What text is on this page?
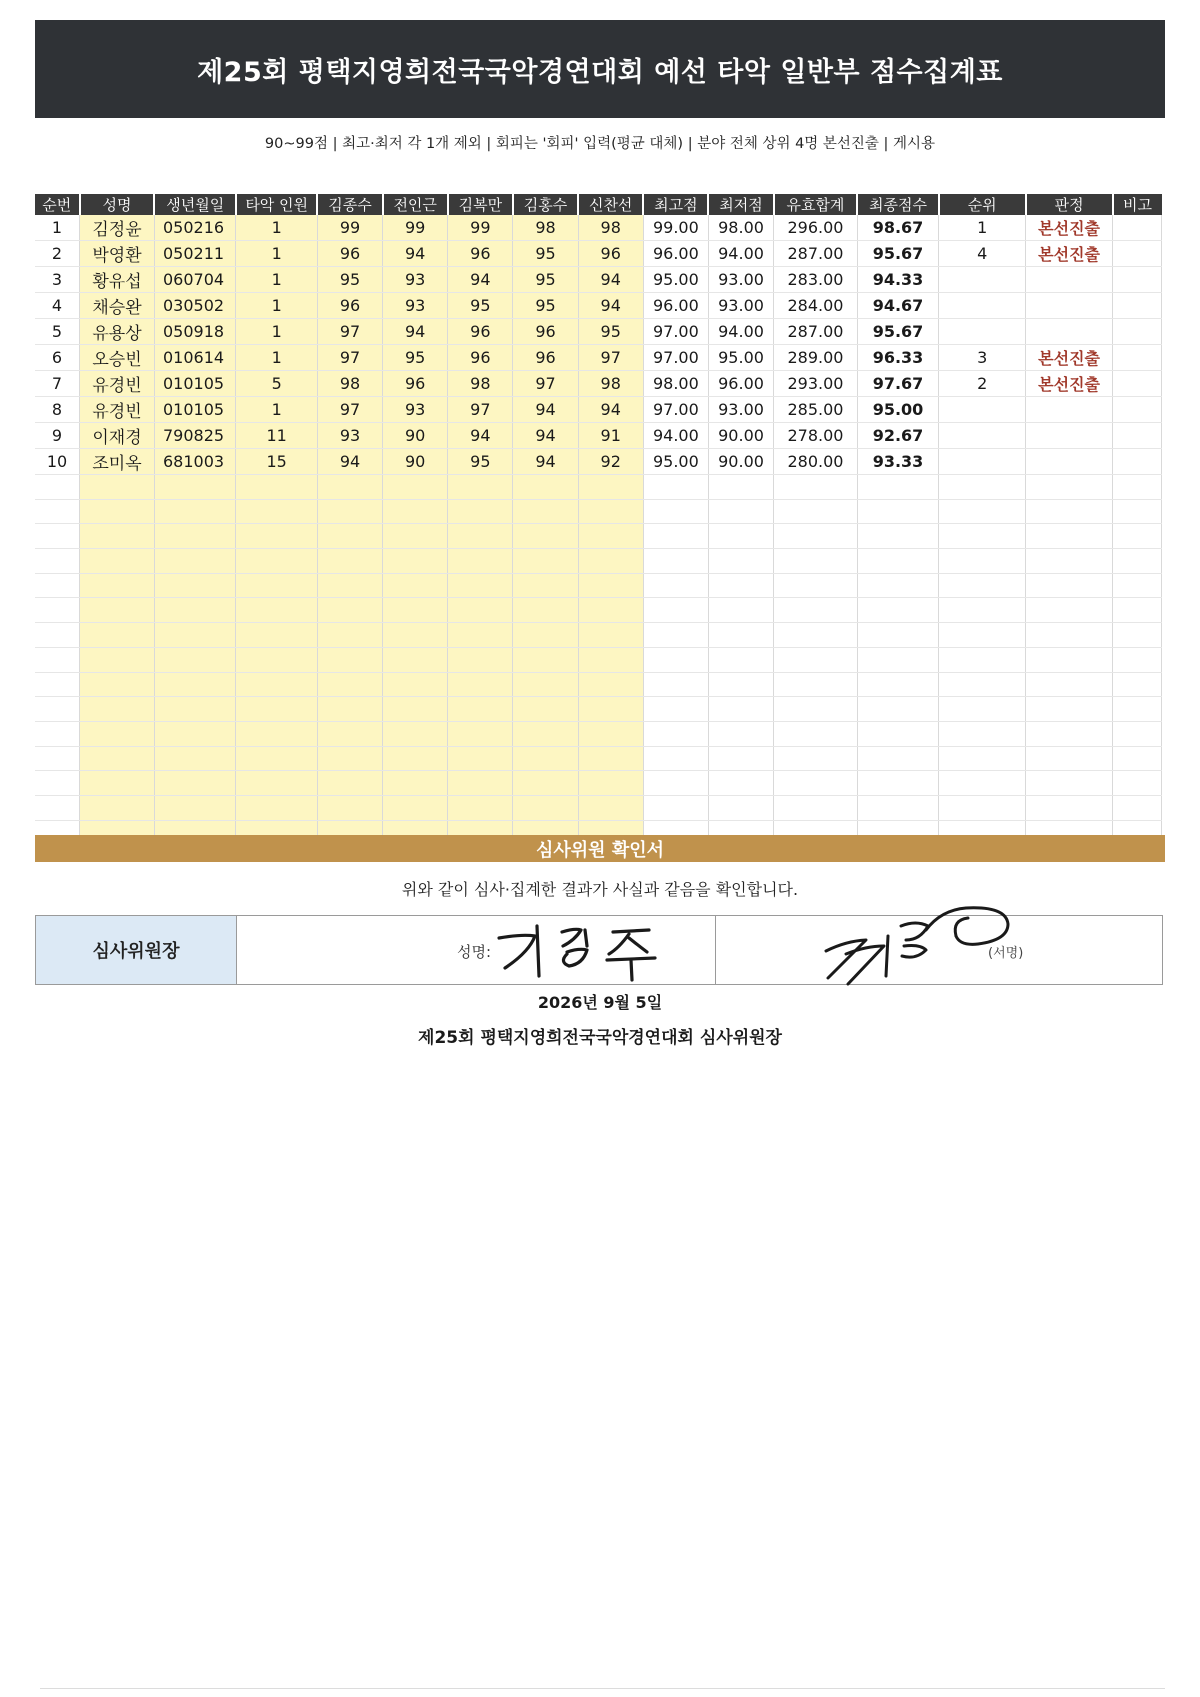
제25회 평택지영희전국국악경연대회 예선 타악 일반부 점수집계표
90~99점 | 최고·최저 각 1개 제외 | 회피는 '회피' 입력(평균 대체) | 분야 전체 상위 4명 본선진출 | 게시용
순번	성명	생년월일	타악 인원	김종수	전인근	김복만	김홍수	신찬선	최고점	최저점	유효합계	최종점수	순위	판정	비고
1	김정윤	050216	1	99	99	99	98	98	99.00	98.00	296.00	98.67	1	본선진출	
2	박영환	050211	1	96	94	96	95	96	96.00	94.00	287.00	95.67	4	본선진출	
3	황유섭	060704	1	95	93	94	95	94	95.00	93.00	283.00	94.33			
4	채승완	030502	1	96	93	95	95	94	96.00	93.00	284.00	94.67			
5	유용상	050918	1	97	94	96	96	95	97.00	94.00	287.00	95.67			
6	오승빈	010614	1	97	95	96	96	97	97.00	95.00	289.00	96.33	3	본선진출	
7	유경빈	010105	5	98	96	98	97	98	98.00	96.00	293.00	97.67	2	본선진출	
8	유경빈	010105	1	97	93	97	94	94	97.00	93.00	285.00	95.00			
9	이재경	790825	11	93	90	94	94	91	94.00	90.00	278.00	92.67			
10	조미옥	681003	15	94	90	95	94	92	95.00	90.00	280.00	93.33			

심사위원 확인서
위와 같이 심사·집계한 결과가 사실과 같음을 확인합니다.
심사위원장	성명:	(서명)
2026년 9월 5일
제25회 평택지영희전국국악경연대회 심사위원장
